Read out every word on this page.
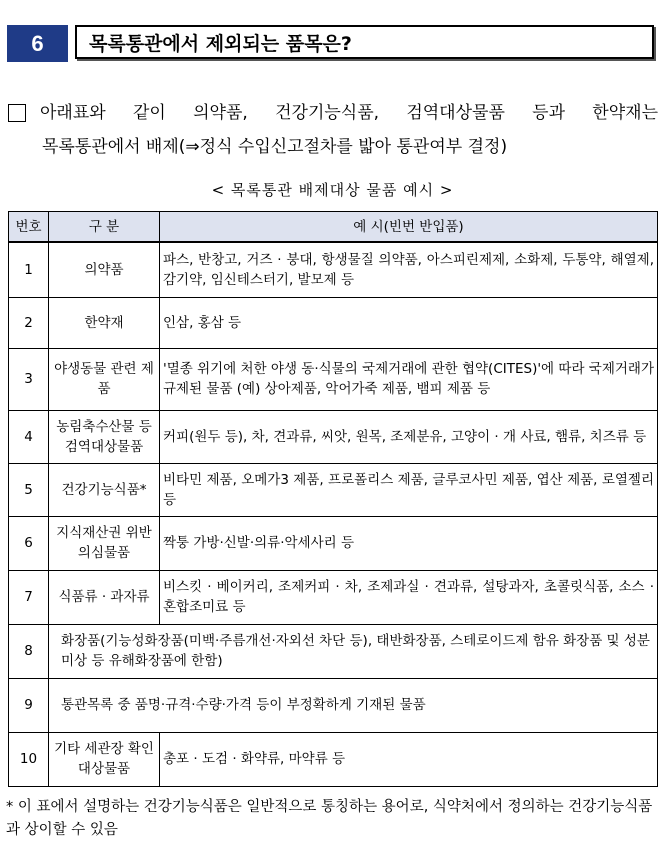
6	목록통관에서 제외되는 품목은?
아래표와 같이 의약품, 건강기능식품, 검역대상물품 등과 한약재는
목록통관에서 배제(⇒정식 수입신고절차를 밟아 통관여부 결정)
< 목록통관 배제대상 물품 예시 >
번호	구 분	예 시(빈번 반입품)
1	의약품	파스, 반창고, 거즈 · 붕대, 항생물질 의약품, 아스피린제제, 소화제, 두통약, 해열제, 감기약, 임신테스터기, 발모제 등
2	한약재	인삼, 홍삼 등
3	야생동물 관련 제품	'멸종 위기에 처한 야생 동·식물의 국제거래에 관한 협약(CITES)'에 따라 국제거래가 규제된 물품 (예) 상아제품, 악어가죽 제품, 뱀피 제품 등
4	농림축수산물 등 검역대상물품	커피(원두 등), 차, 견과류, 씨앗, 원목, 조제분유, 고양이 · 개 사료, 햄류, 치즈류 등
5	건강기능식품*	비타민 제품, 오메가3 제품, 프로폴리스 제품, 글루코사민 제품, 엽산 제품, 로열젤리 등
6	지식재산권 위반 의심물품	짝퉁 가방·신발·의류·악세사리 등
7	식품류 · 과자류	비스킷 · 베이커리, 조제커피 · 차, 조제과실 · 견과류, 설탕과자, 초콜릿식품, 소스 · 혼합조미료 등
8	화장품(기능성화장품(미백·주름개선·자외선 차단 등), 태반화장품, 스테로이드제 함유 화장품 및 성분 미상 등 유해화장품에 한함)	
9	통관목록 중 품명·규격·수량·가격 등이 부정확하게 기재된 물품	
10	기타 세관장 확인대상물품	총포 · 도검 · 화약류, 마약류 등
* 이 표에서 설명하는 건강기능식품은 일반적으로 통칭하는 용어로, 식약처에서 정의하는 건강기능식품과 상이할 수 있음
